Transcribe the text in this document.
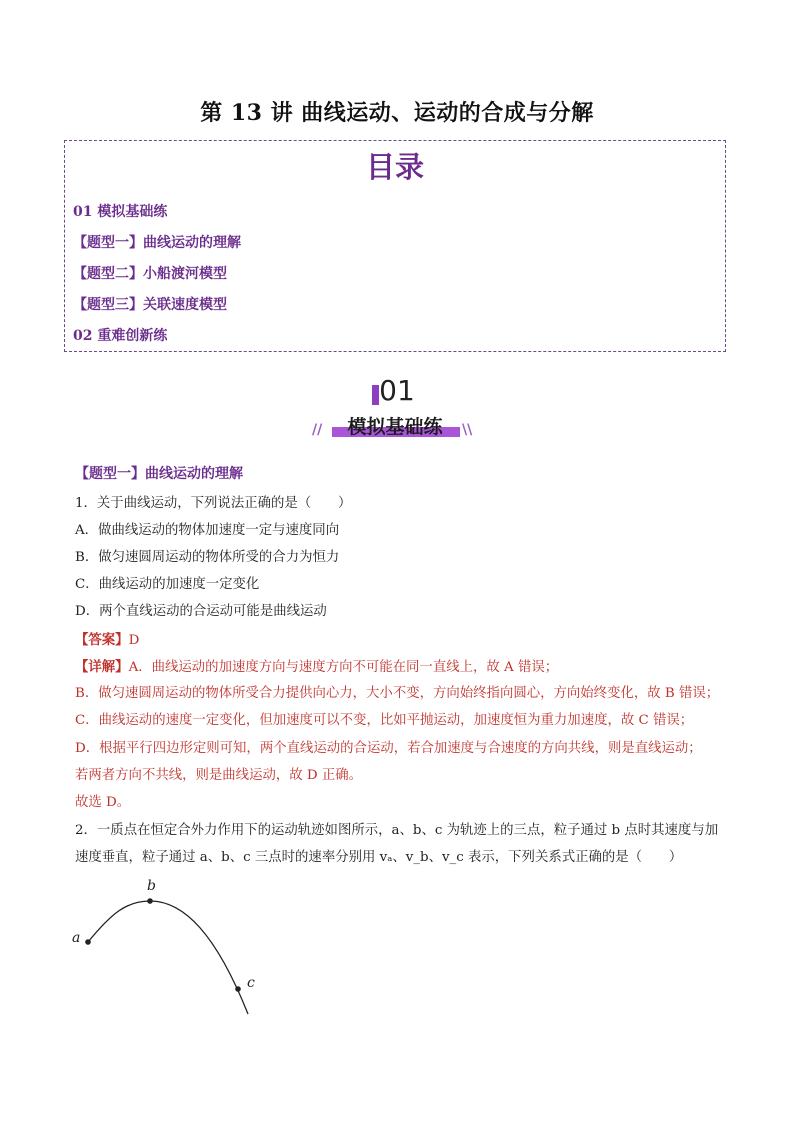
第 13 讲 曲线运动、运动的合成与分解
目录
01 模拟基础练
【题型一】曲线运动的理解
【题型二】小船渡河模型
【题型三】关联速度模型
02 重难创新练
01
//	模拟基础练	\\
【题型一】曲线运动的理解
1．关于曲线运动，下列说法正确的是（　　）
A．做曲线运动的物体加速度一定与速度同向
B．做匀速圆周运动的物体所受的合力为恒力
C．曲线运动的加速度一定变化
D．两个直线运动的合运动可能是曲线运动
【答案】D
【详解】A．曲线运动的加速度方向与速度方向不可能在同一直线上，故 A 错误；
B．做匀速圆周运动的物体所受合力提供向心力，大小不变，方向始终指向圆心，方向始终变化，故 B 错误；
C．曲线运动的速度一定变化，但加速度可以不变，比如平抛运动，加速度恒为重力加速度，故 C 错误；
D．根据平行四边形定则可知，两个直线运动的合运动，若合加速度与合速度的方向共线，则是直线运动；
若两者方向不共线，则是曲线运动，故 D 正确。
故选 D。
2．一质点在恒定合外力作用下的运动轨迹如图所示，a、b、c 为轨迹上的三点，粒子通过 b 点时其速度与加
速度垂直，粒子通过 a、b、c 三点时的速率分别用 vₐ、v_b、v_c 表示，下列关系式正确的是（　　）
a
b
c
